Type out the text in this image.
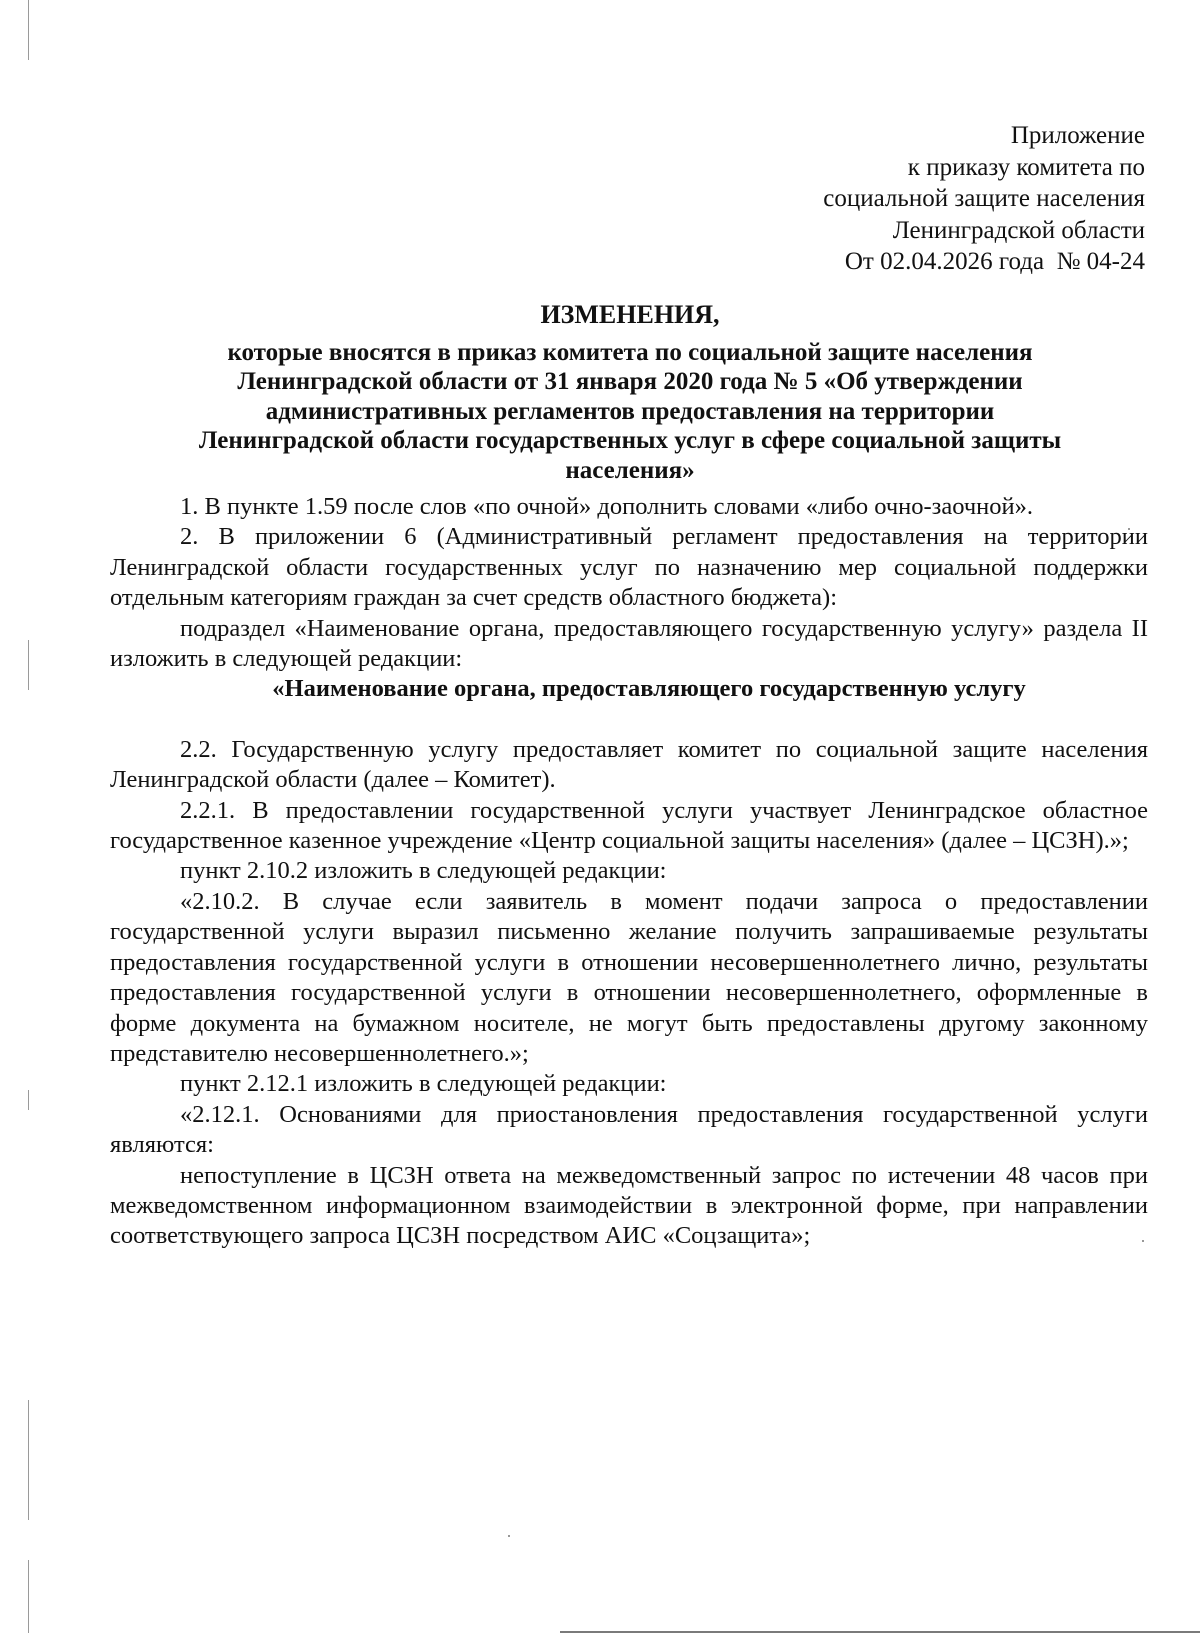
Приложение
к приказу комитета по
социальной защите населения
Ленинградской области
От 02.04.2026 года  № 04-24
ИЗМЕНЕНИЯ,
которые вносятся в приказ комитета по социальной защите населения
Ленинградской области от 31 января 2020 года № 5 «Об утверждении
административных регламентов предоставления на территории
Ленинградской области государственных услуг в сфере социальной защиты
населения»

1. В пункте 1.59 после слов «по очной» дополнить словами «либо очно-заочной».

2. В приложении 6 (Административный регламент предоставления на территории Ленинградской области государственных услуг по назначению мер социальной поддержки отдельным категориям граждан за счет средств областного бюджета):

подраздел «Наименование органа, предоставляющего государственную услугу» раздела II изложить в следующей редакции:

«Наименование органа, предоставляющего государственную услугу

2.2. Государственную услугу предоставляет комитет по социальной защите населения Ленинградской области (далее – Комитет).

2.2.1. В предоставлении государственной услуги участвует Ленинградское областное государственное казенное учреждение «Центр социальной защиты населения» (далее – ЦСЗН).»;

пункт 2.10.2 изложить в следующей редакции:

«2.10.2. В случае если заявитель в момент подачи запроса о предоставлении государственной услуги выразил письменно желание получить запрашиваемые результаты предоставления государственной услуги в отношении несовершеннолетнего лично, результаты предоставления государственной услуги в отношении несовершеннолетнего, оформленные в форме документа на бумажном носителе, не могут быть предоставлены другому законному представителю несовершеннолетнего.»;

пункт 2.12.1 изложить в следующей редакции:

«2.12.1. Основаниями для приостановления предоставления государственной услуги являются:

непоступление в ЦСЗН ответа на межведомственный запрос по истечении 48 часов при межведомственном информационном взаимодействии в электронной форме, при направлении соответствующего запроса ЦСЗН посредством АИС «Соцзащита»;
